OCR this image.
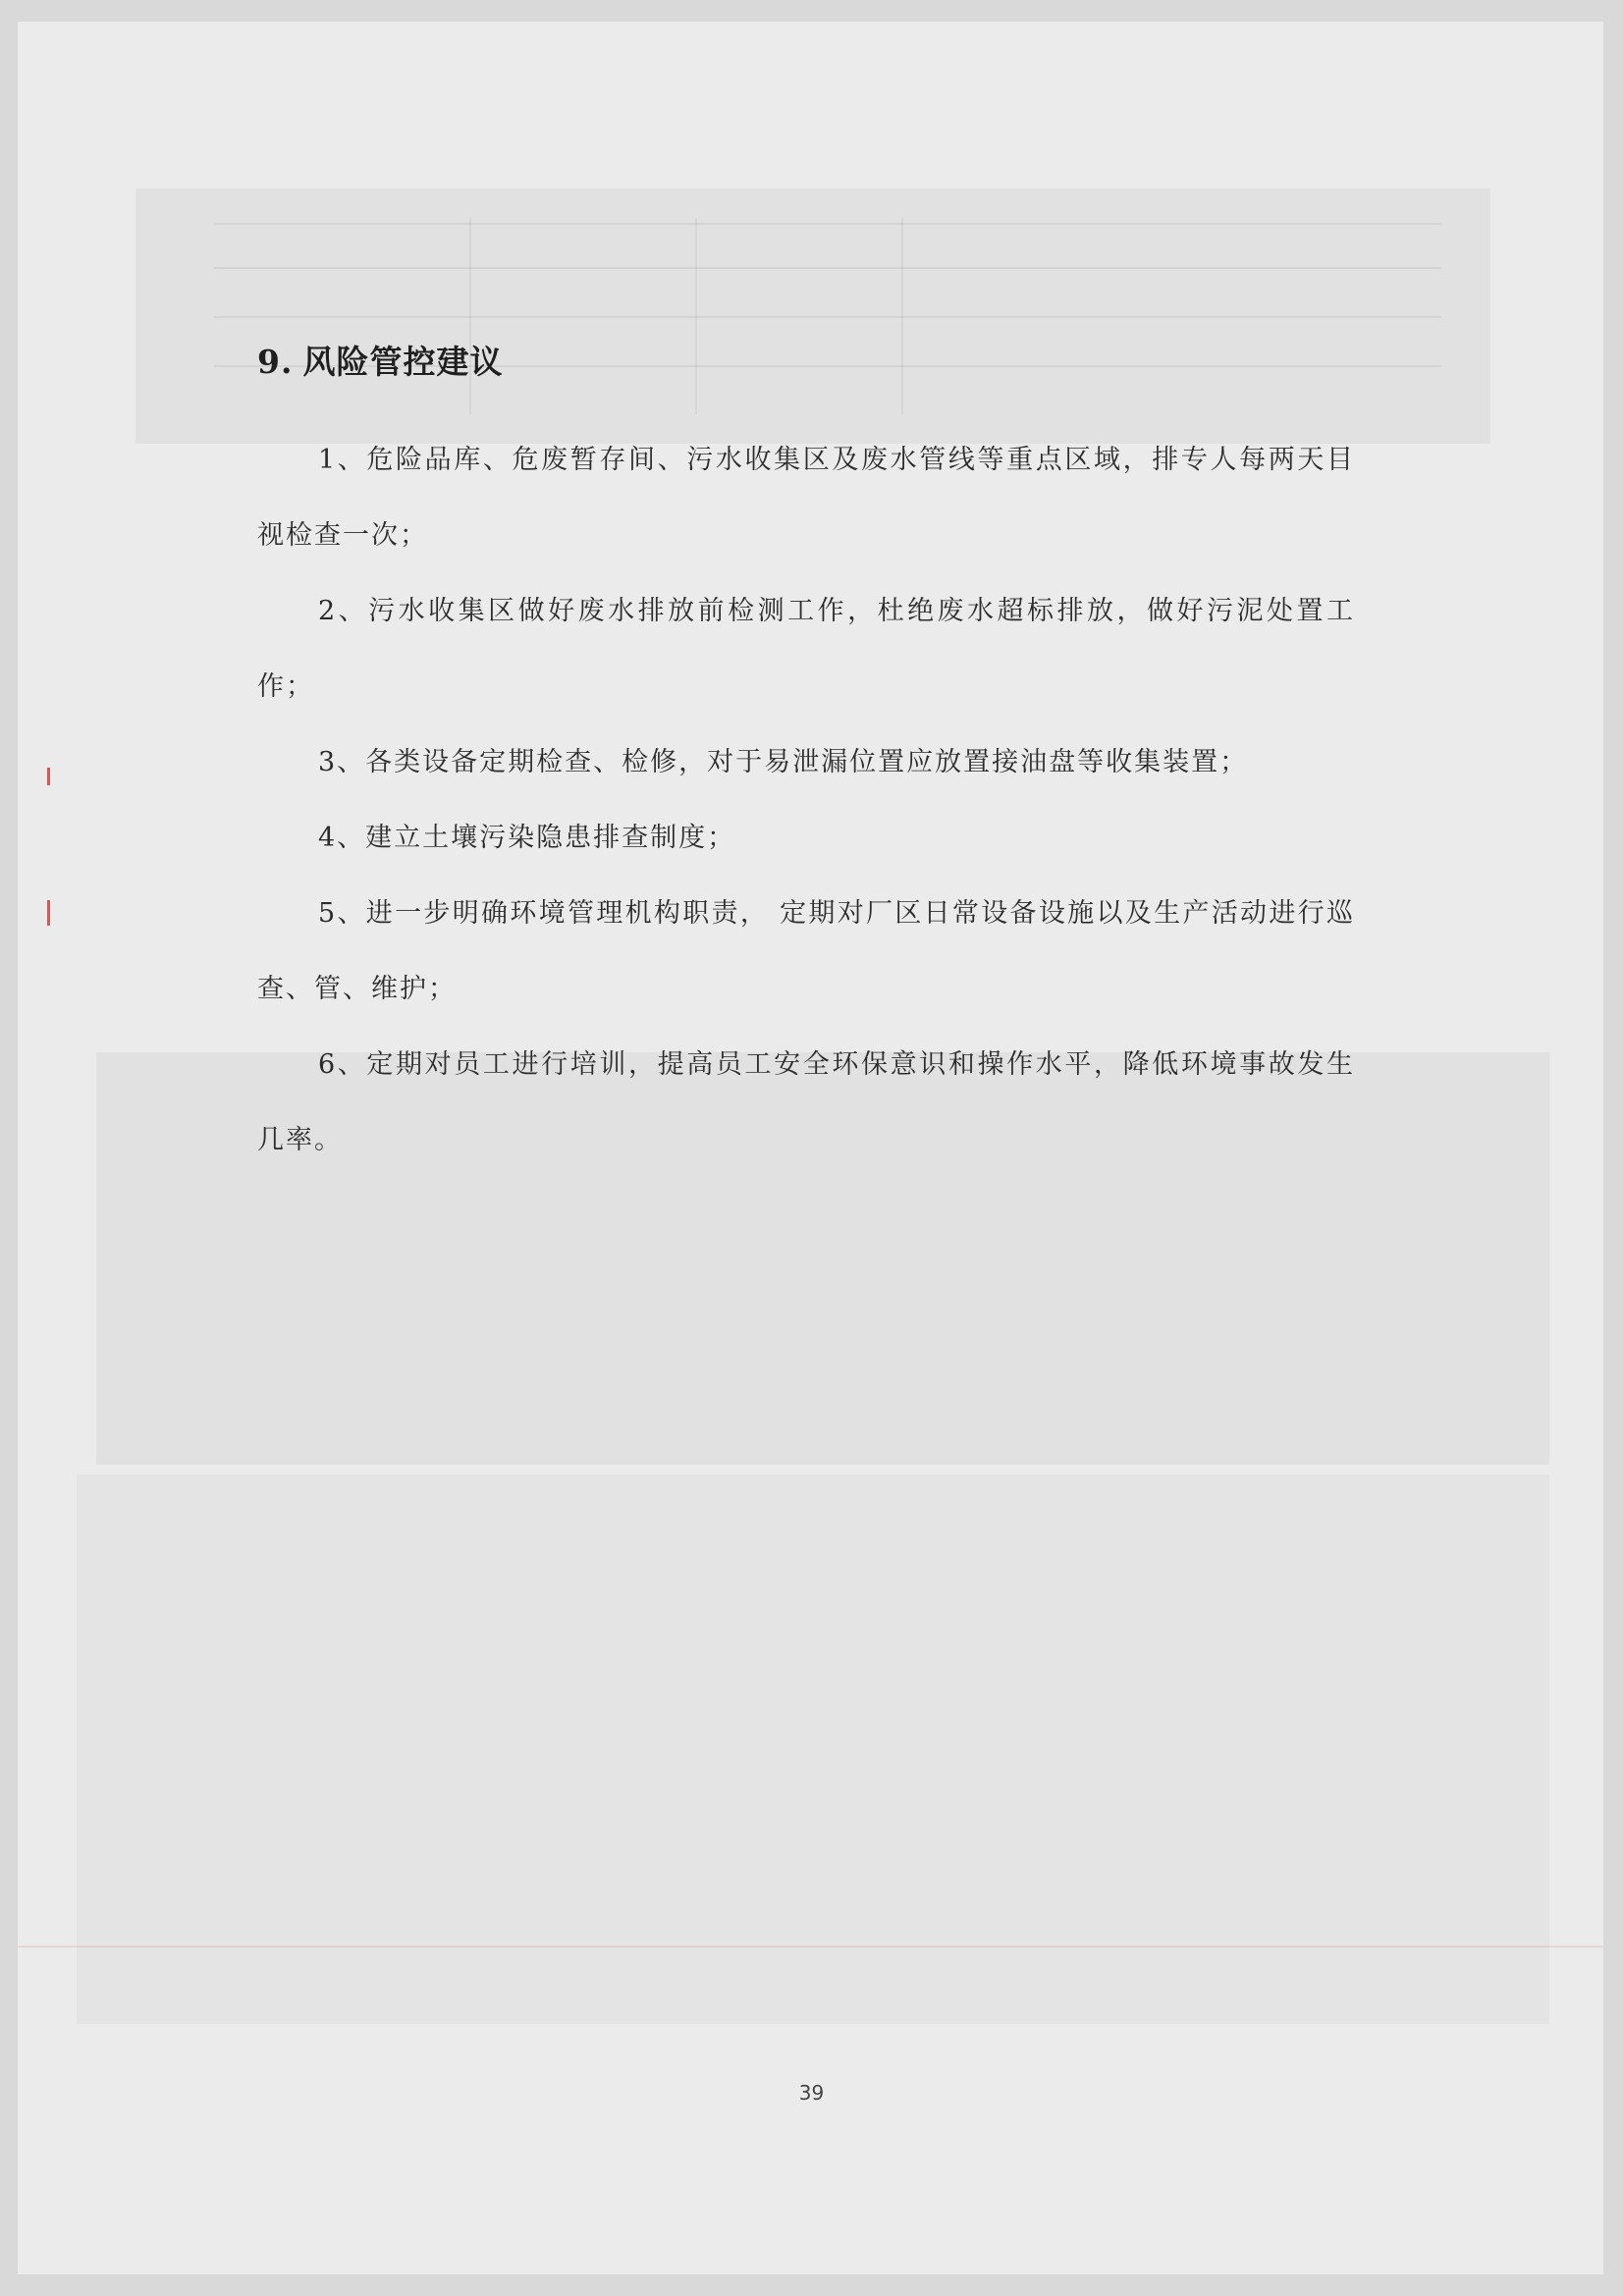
9. 风险管控建议

1、危险品库、危废暂存间、污水收集区及废水管线等重点区域，排专人每两天目视检查一次；

2、污水收集区做好废水排放前检测工作，杜绝废水超标排放，做好污泥处置工作；

3、各类设备定期检查、检修，对于易泄漏位置应放置接油盘等收集装置；

4、建立土壤污染隐患排查制度；

5、进一步明确环境管理机构职责， 定期对厂区日常设备设施以及生产活动进行巡查、管、维护；

6、定期对员工进行培训，提高员工安全环保意识和操作水平，降低环境事故发生几率。

39
